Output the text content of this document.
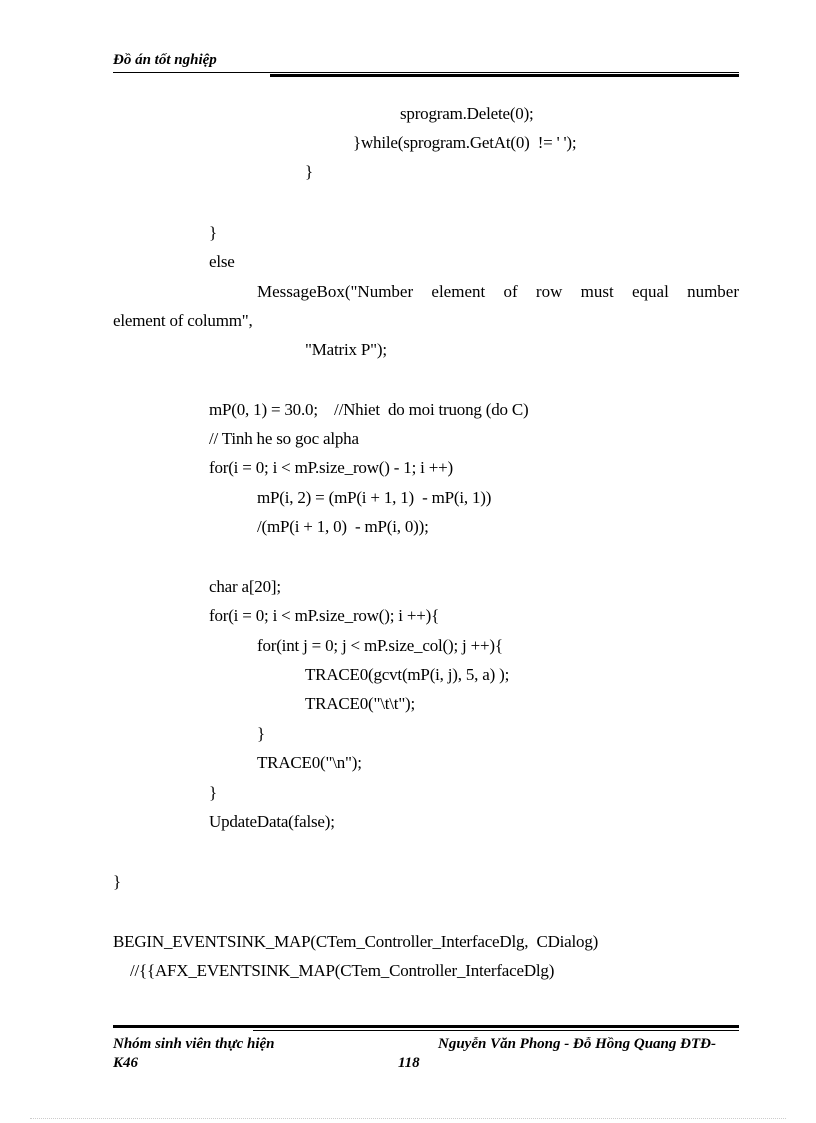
Đồ án tốt nghiệp
sprogram.Delete(0);
}while(sprogram.GetAt(0)  != ' ');
}
}
else
MessageBox("Number element of row must equal number
element of columm",
"Matrix P");
mP(0, 1) = 30.0;    //Nhiet  do moi truong (do C)
// Tinh he so goc alpha
for(i = 0; i < mP.size_row() - 1; i ++)
mP(i, 2) = (mP(i + 1, 1)  - mP(i, 1))
/(mP(i + 1, 0)  - mP(i, 0));
char a[20];
for(i = 0; i < mP.size_row(); i ++){
for(int j = 0; j < mP.size_col(); j ++){
TRACE0(gcvt(mP(i, j), 5, a) );
TRACE0("\t\t");
}
TRACE0("\n");
}
UpdateData(false);
}
BEGIN_EVENTSINK_MAP(CTem_Controller_InterfaceDlg,  CDialog)
//{{AFX_EVENTSINK_MAP(CTem_Controller_InterfaceDlg)
Nhóm sinh viên thực hiện
K46
Nguyễn Văn Phong - Đỗ Hồng Quang ĐTĐ-
118
